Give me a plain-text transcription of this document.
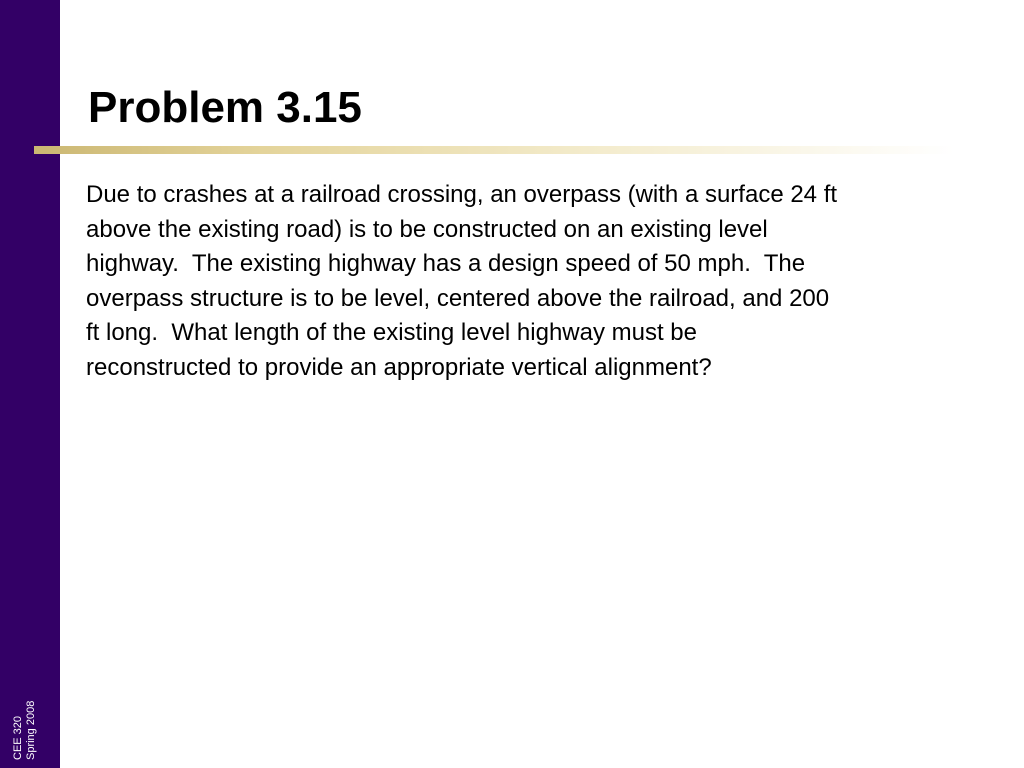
CEE 320 Spring 2008
Problem 3.15

Due to crashes at a railroad crossing, an overpass (with a surface 24 ft
above the existing road) is to be constructed on an existing level
highway.  The existing highway has a design speed of 50 mph.  The
overpass structure is to be level, centered above the railroad, and 200
ft long.  What length of the existing level highway must be
reconstructed to provide an appropriate vertical alignment?
